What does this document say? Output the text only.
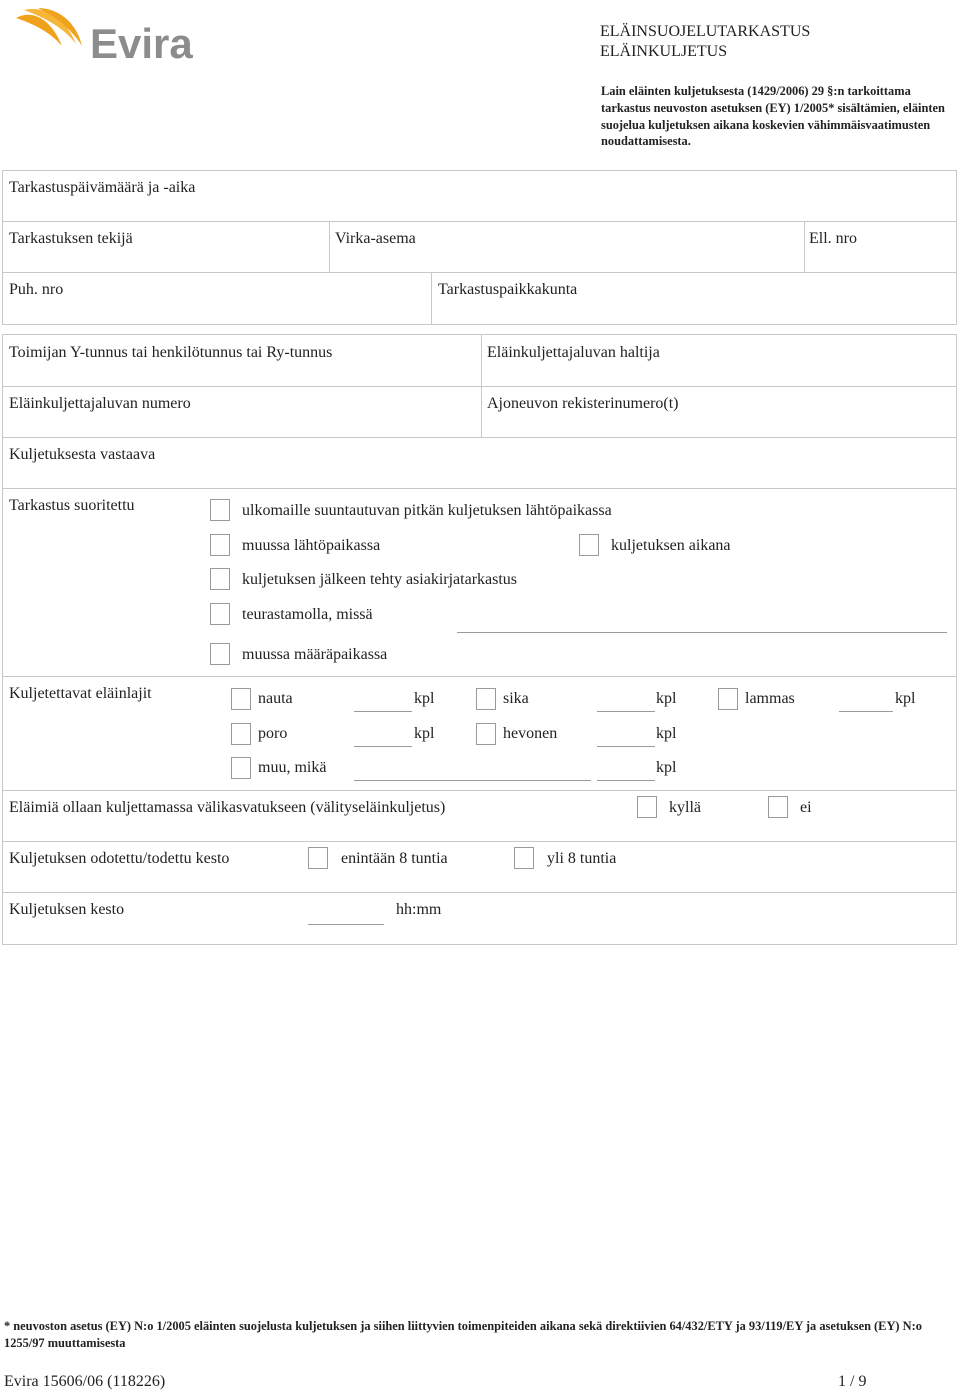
Evira	ELÄINSUOJELUTARKASTUS
ELÄINKULJETUS
Lain eläinten kuljetuksesta (1429/2006) 29 §:n tarkoittama tarkastus neuvoston asetuksen (EY) 1/2005* sisältämien, eläinten suojelua kuljetuksen aikana koskevien vähimmäisvaatimusten noudattamisesta.
Tarkastuspäivämäärä ja -aika
Tarkastuksen tekijä	Virka-asema	Ell. nro
Puh. nro	Tarkastuspaikkakunta
Toimijan Y-tunnus tai henkilötunnus tai Ry-tunnus	Eläinkuljettajaluvan haltija
Eläinkuljettajaluvan numero	Ajoneuvon rekisterinumero(t)
Kuljetuksesta vastaava
Tarkastus suoritettu	ulkomaille suuntautuvan pitkän kuljetuksen lähtöpaikassa
muussa lähtöpaikassa	kuljetuksen aikana
kuljetuksen jälkeen tehty asiakirjatarkastus
teurastamolla, missä
muussa määräpaikassa
Kuljetettavat eläinlajit	nauta	kpl	sika	kpl	lammas	kpl
poro	kpl	hevonen	kpl
muu, mikä	kpl
Eläimiä ollaan kuljettamassa välikasvatukseen (välityseläinkuljetus)	kyllä	ei
Kuljetuksen odotettu/todettu kesto	enintään 8 tuntia	yli 8 tuntia
Kuljetuksen kesto	hh:mm
* neuvoston asetus (EY) N:o 1/2005 eläinten suojelusta kuljetuksen ja siihen liittyvien toimenpiteiden aikana sekä direktiivien 64/432/ETY ja 93/119/EY ja asetuksen (EY) N:o 1255/97 muuttamisesta
Evira 15606/06 (118226)	1 / 9
